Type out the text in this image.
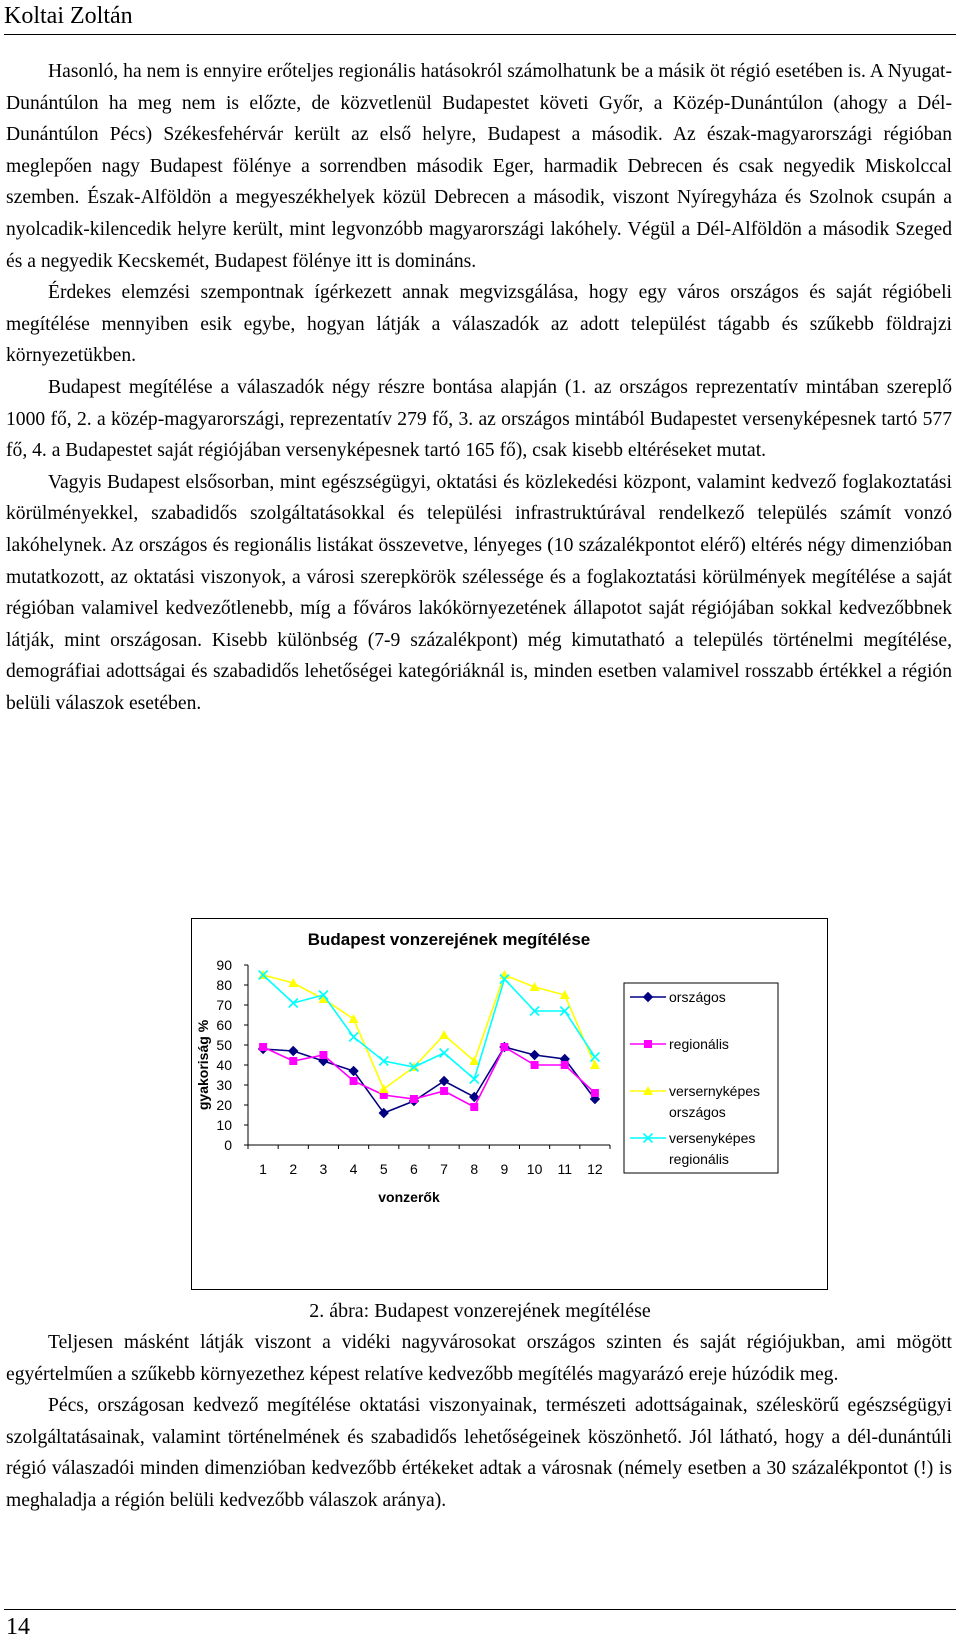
Koltai Zoltán

Hasonló, ha nem is ennyire erőteljes regionális hatásokról számolhatunk be a másik öt régió esetében is. A Nyugat-Dunántúlon ha meg nem is előzte, de közvetlenül Budapestet követi Győr, a Közép-Dunántúlon (ahogy a Dél-Dunántúlon Pécs) Székesfehérvár került az első helyre, Budapest a második. Az észak-magyarországi régióban meglepően nagy Budapest fölénye a sorrendben második Eger, harmadik Debrecen és csak negyedik Miskolccal szemben. Észak-Alföldön a megyeszékhelyek közül Debrecen a második, viszont Nyíregyháza és Szolnok csupán a nyolcadik-kilencedik helyre került, mint legvonzóbb magyarországi lakóhely. Végül a Dél-Alföldön a második Szeged és a negyedik Kecskemét, Budapest fölénye itt is domináns.

Érdekes elemzési szempontnak ígérkezett annak megvizsgálása, hogy egy város országos és saját régióbeli megítélése mennyiben esik egybe, hogyan látják a válaszadók az adott települést tágabb és szűkebb földrajzi környezetükben.

Budapest megítélése a válaszadók négy részre bontása alapján (1. az országos reprezentatív mintában szereplő 1000 fő, 2. a közép-magyarországi, reprezentatív 279 fő, 3. az országos mintából Budapestet versenyképesnek tartó 577 fő, 4. a Budapestet saját régiójában versenyképesnek tartó 165 fő), csak kisebb eltéréseket mutat.

Vagyis Budapest elsősorban, mint egészségügyi, oktatási és közlekedési központ, valamint kedvező foglakoztatási körülményekkel, szabadidős szolgáltatásokkal és települési infrastruktúrával rendelkező település számít vonzó lakóhelynek. Az országos és regionális listákat összevetve, lényeges (10 százalékpontot elérő) eltérés négy dimenzióban mutatkozott, az oktatási viszonyok, a városi szerepkörök szélessége és a foglakoztatási körülmények megítélése a saját régióban valamivel kedvezőtlenebb, míg a főváros lakókörnyezetének állapotot saját régiójában sokkal kedvezőbbnek látják, mint országosan. Kisebb különbség (7-9 százalékpont) még kimutatható a település történelmi megítélése, demográfiai adottságai és szabadidős lehetőségei kategóriáknál is, minden esetben valamivel rosszabb értékkel a régión belüli válaszok esetében.

Budapest vonzerejének megítélése
0
10
20
30
40
50
60
70
80
90
1 2 3 4 5 6 7 8 9 10 11 12
vonzerők
gyakoriság %
országos
regionális
versernyképes országos
versenyképes regionális
2. ábra: Budapest vonzerejének megítélése

Teljesen másként látják viszont a vidéki nagyvárosokat országos szinten és saját régiójukban, ami mögött egyértelműen a szűkebb környezethez képest relatíve kedvezőbb megítélés magyarázó ereje húzódik meg.

Pécs, országosan kedvező megítélése oktatási viszonyainak, természeti adottságainak, széleskörű egészségügyi szolgáltatásainak, valamint történelmének és szabadidős lehetőségeinek köszönhető. Jól látható, hogy a dél-dunántúli régió válaszadói minden dimenzióban kedvezőbb értékeket adtak a városnak (némely esetben a 30 százalékpontot (!) is meghaladja a régión belüli kedvezőbb válaszok aránya).

14
